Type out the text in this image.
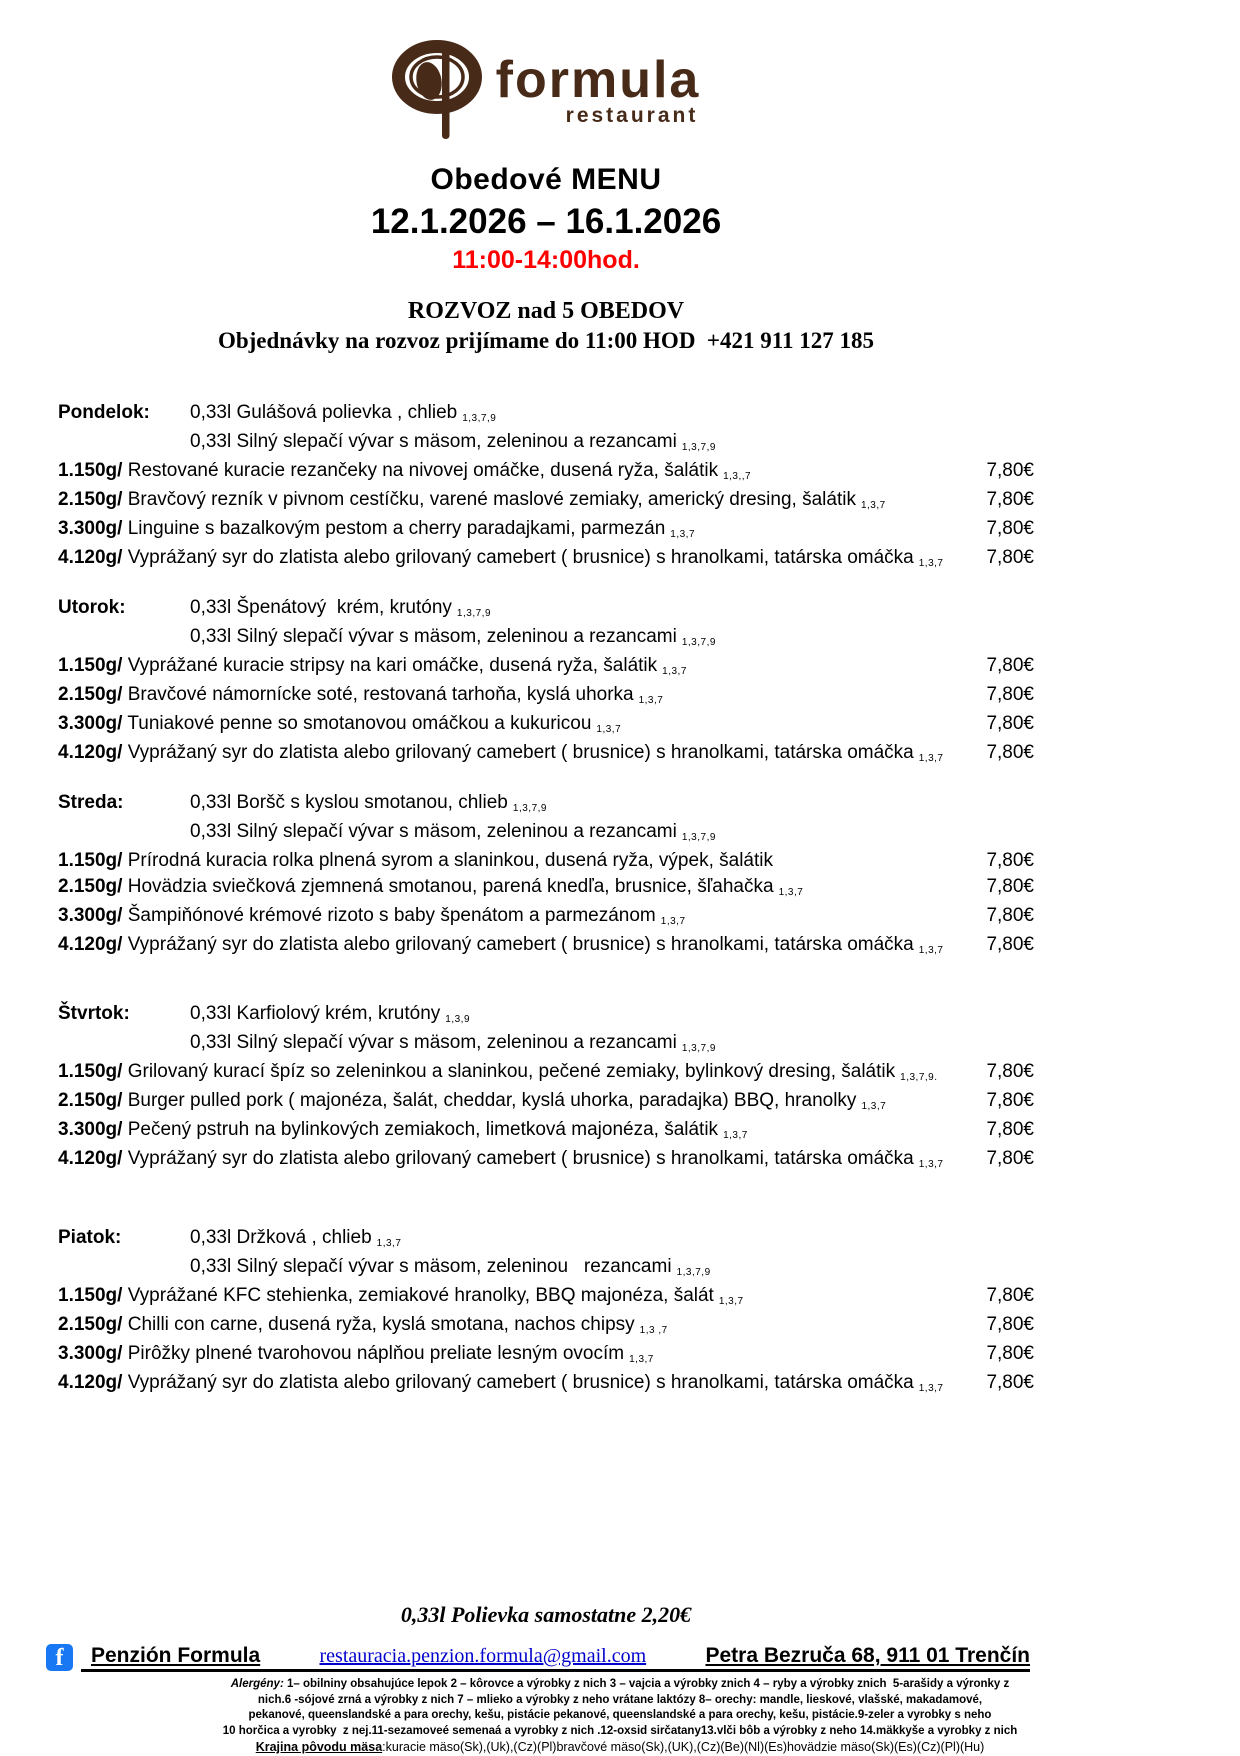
formula
restaurant
Obedové MENU
12.1.2026 – 16.1.2026
11:00-14:00hod.
ROZVOZ nad 5 OBEDOV
Objednávky na rozvoz prijímame do 11:00 HOD  +421 911 127 185
Pondelok:	0,33l Gulášová polievka , chlieb 1,3,7,9
0,33l Silný slepačí vývar s mäsom, zeleninou a rezancami 1,3,7,9
1.150g/ Restované kuracie rezančeky na nivovej omáčke, dusená ryža, šalátik 1,3,,7	7,80€
2.150g/ Bravčový rezník v pivnom cestíčku, varené maslové zemiaky, americký dresing, šalátik 1,3,7	7,80€
3.300g/ Linguine s bazalkovým pestom a cherry paradajkami, parmezán 1,3,7	7,80€
4.120g/ Vyprážaný syr do zlatista alebo grilovaný camebert ( brusnice) s hranolkami, tatárska omáčka 1,3,7	7,80€
Utorok:	0,33l Špenátový  krém, krutóny 1,3,7,9
0,33l Silný slepačí vývar s mäsom, zeleninou a rezancami 1,3,7,9
1.150g/ Vyprážané kuracie stripsy na kari omáčke, dusená ryža, šalátik 1,3,7	7,80€
2.150g/ Bravčové námornícke soté, restovaná tarhoňa, kyslá uhorka 1,3,7	7,80€
3.300g/ Tuniakové penne so smotanovou omáčkou a kukuricou 1,3,7	7,80€
4.120g/ Vyprážaný syr do zlatista alebo grilovaný camebert ( brusnice) s hranolkami, tatárska omáčka 1,3,7	7,80€
Streda:	0,33l Boršč s kyslou smotanou, chlieb 1,3,7,9
0,33l Silný slepačí vývar s mäsom, zeleninou a rezancami 1,3,7,9
1.150g/ Prírodná kuracia rolka plnená syrom a slaninkou, dusená ryža, výpek, šalátik	7,80€
2.150g/ Hovädzia sviečková zjemnená smotanou, parená knedľa, brusnice, šľahačka 1,3,7	7,80€
3.300g/ Šampiňónové krémové rizoto s baby špenátom a parmezánom 1,3,7	7,80€
4.120g/ Vyprážaný syr do zlatista alebo grilovaný camebert ( brusnice) s hranolkami, tatárska omáčka 1,3,7	7,80€
Štvrtok:	0,33l Karfiolový krém, krutóny 1,3,9
0,33l Silný slepačí vývar s mäsom, zeleninou a rezancami 1,3,7,9
1.150g/ Grilovaný kurací špíz so zeleninkou a slaninkou, pečené zemiaky, bylinkový dresing, šalátik 1,3,7,9.	7,80€
2.150g/ Burger pulled pork ( majonéza, šalát, cheddar, kyslá uhorka, paradajka) BBQ, hranolky 1,3,7	7,80€
3.300g/ Pečený pstruh na bylinkových zemiakoch, limetková majonéza, šalátik 1,3,7	7,80€
4.120g/ Vyprážaný syr do zlatista alebo grilovaný camebert ( brusnice) s hranolkami, tatárska omáčka 1,3,7	7,80€
Piatok:	0,33l Držková , chlieb 1,3,7
0,33l Silný slepačí vývar s mäsom, zeleninou   rezancami 1,3,7,9
1.150g/ Vyprážané KFC stehienka, zemiakové hranolky, BBQ majonéza, šalát 1,3,7	7,80€
2.150g/ Chilli con carne, dusená ryža, kyslá smotana, nachos chipsy 1,3 ,7	7,80€
3.300g/ Pirôžky plnené tvarohovou náplňou preliate lesným ovocím 1,3,7	7,80€
4.120g/ Vyprážaný syr do zlatista alebo grilovaný camebert ( brusnice) s hranolkami, tatárska omáčka 1,3,7	7,80€
0,33l Polievka samostatne 2,20€
f	Penzión Formula	restauracia.penzion.formula@gmail.com	Petra Bezruča 68, 911 01 Trenčín
Alergény: 1– obilniny obsahujúce lepok 2 – kôrovce a výrobky z nich 3 – vajcia a výrobky znich 4 – ryby a výrobky znich  5-arašidy a výronky z
nich.6 -sójové zrná a výrobky z nich 7 – mlieko a výrobky z neho vrátane laktózy 8– orechy: mandle, lieskové, vlašské, makadamové,
pekanové, queenslandské a para orechy, kešu, pistácie pekanové, queenslandské a para orechy, kešu, pistácie.9-zeler a vyrobky s neho
10 horčica a vyrobky  z nej.11-sezamoveé semenaá a vyrobky z nich .12-oxsid sirčatany13.vlči bôb a výrobky z neho 14.mäkkyše a vyrobky z nich
Krajina pôvodu mäsa:kuracie mäso(Sk),(Uk),(Cz)(Pl)bravčové mäso(Sk),(UK),(Cz)(Be)(Nl)(Es)hovädzie mäso(Sk)(Es)(Cz)(Pl)(Hu)
